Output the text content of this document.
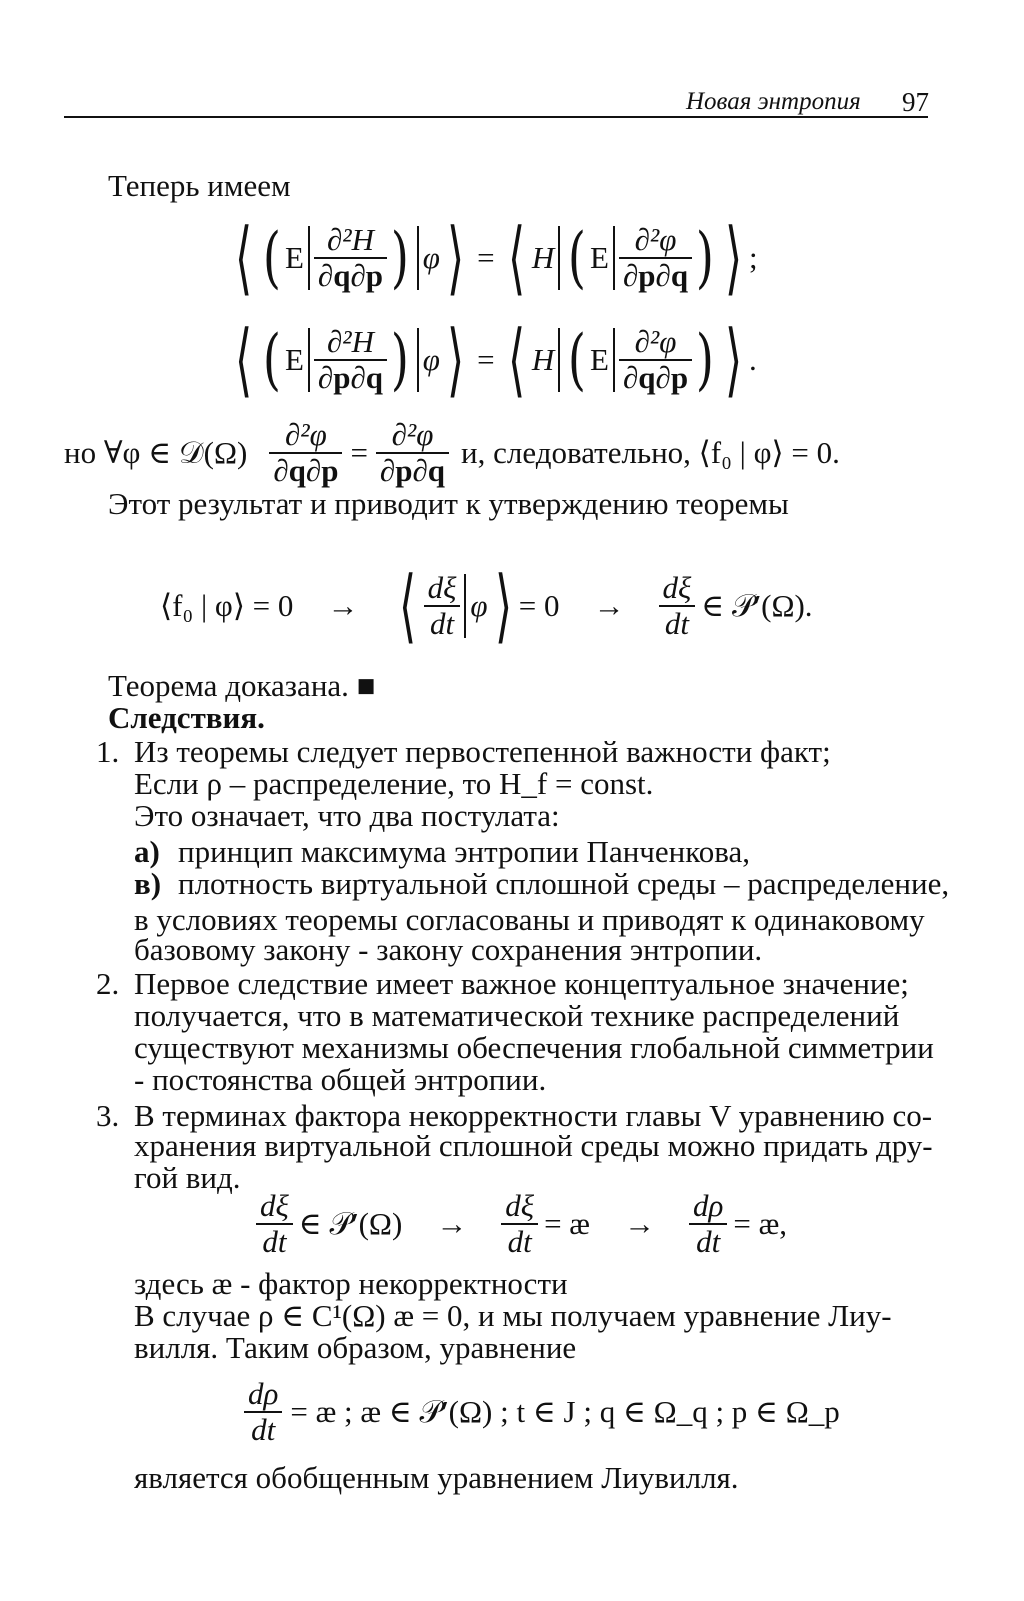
Новая энтропия 97
Теперь имеем
⟨ ( E $\frac{\text{∂²H}}{\partial q\partial p}$ ) φ ⟩ = ⟨ H ( E $\frac{\text{∂²φ}}{\partial p\partial q}$ ) ⟩ ;
⟨ ( E $\frac{\text{∂²H}}{\partial p\partial q}$ ) φ ⟩ = ⟨ H ( E $\frac{\text{∂²φ}}{\partial q\partial p}$ ) ⟩ .
но ∀φ ∈ 𝒟(Ω) $\frac{\text{∂²φ}}{\partial q\partial p} = \frac{\text{∂²φ}}{\partial p\partial q} и$, следовательно, ⟨f₀ | φ⟩ = 0.
Этот результат и приводит к утверждению теоремы
⟨f₀ | φ⟩ = 0 → ⟨ $\frac{d\xi}{dt}$ φ ⟩ = $0 \to \frac{d\xi}{dt}$ ∈ 𝒫′(Ω).
Теорема доказана. ■
Следствия.
1. Из теоремы следует первостепенной важности факт;
Если ρ – распределение, то H_f = const.
Это означает, что два постулата:
а) принцип максимума энтропии Панченкова,
в) плотность виртуальной сплошной среды – распределение,
в условиях теоремы согласованы и приводят к одинаковому
базовому закону - закону сохранения энтропии.
2. Первое следствие имеет важное концептуальное значение;
получается, что в математической технике распределений
существуют механизмы обеспечения глобальной симметрии
- постоянства общей энтропии.
3. В терминах фактора некорректности главы V уравнению со-
хранения виртуальной сплошной среды можно придать дру-
гой вид.
$\frac{d\xi}{dt}$ ∈ 𝒫′(Ω) → $\frac{d\xi}{dt}$ = æ → $\frac{d\rho}{dt}$ = æ,
здесь æ - фактор некорректности
В случае ρ ∈ C¹(Ω) æ = 0, и мы получаем уравнение Лиу-
вилля. Таким образом, уравнение
$\frac{d\rho}{dt}$ = æ ; æ ∈ 𝒫′(Ω) ; t ∈ J ; q ∈ Ω_q ; p ∈ Ω_p
является обобщенным уравнением Лиувилля.
